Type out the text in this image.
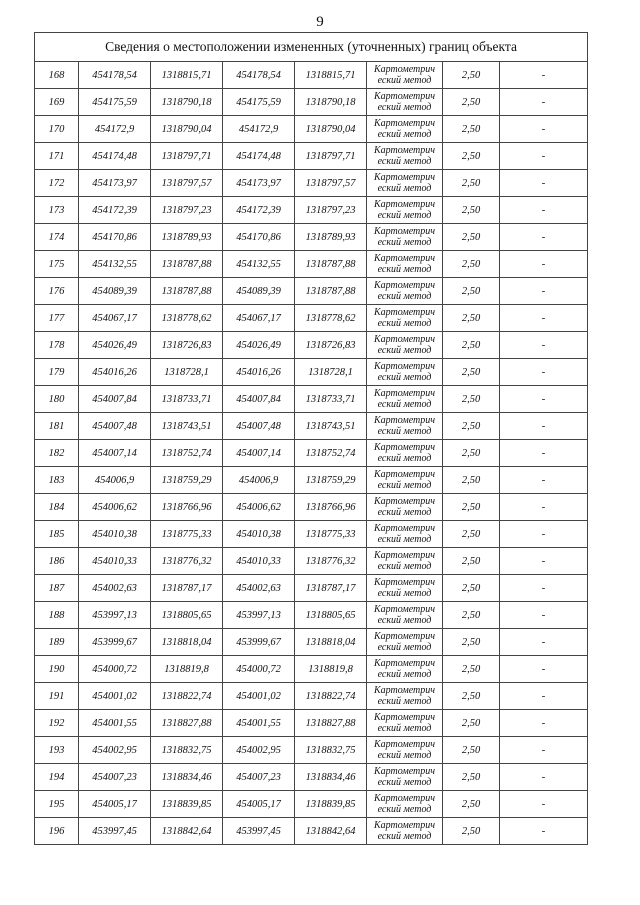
9
Сведения о местоположении измененных (уточненных) границ объекта							
168	454178,54	1318815,71	454178,54	1318815,71	Картометрич
еский метод	2,50	-
169	454175,59	1318790,18	454175,59	1318790,18	Картометрич
еский метод	2,50	-
170	454172,9	1318790,04	454172,9	1318790,04	Картометрич
еский метод	2,50	-
171	454174,48	1318797,71	454174,48	1318797,71	Картометрич
еский метод	2,50	-
172	454173,97	1318797,57	454173,97	1318797,57	Картометрич
еский метод	2,50	-
173	454172,39	1318797,23	454172,39	1318797,23	Картометрич
еский метод	2,50	-
174	454170,86	1318789,93	454170,86	1318789,93	Картометрич
еский метод	2,50	-
175	454132,55	1318787,88	454132,55	1318787,88	Картометрич
еский метод	2,50	-
176	454089,39	1318787,88	454089,39	1318787,88	Картометрич
еский метод	2,50	-
177	454067,17	1318778,62	454067,17	1318778,62	Картометрич
еский метод	2,50	-
178	454026,49	1318726,83	454026,49	1318726,83	Картометрич
еский метод	2,50	-
179	454016,26	1318728,1	454016,26	1318728,1	Картометрич
еский метод	2,50	-
180	454007,84	1318733,71	454007,84	1318733,71	Картометрич
еский метод	2,50	-
181	454007,48	1318743,51	454007,48	1318743,51	Картометрич
еский метод	2,50	-
182	454007,14	1318752,74	454007,14	1318752,74	Картометрич
еский метод	2,50	-
183	454006,9	1318759,29	454006,9	1318759,29	Картометрич
еский метод	2,50	-
184	454006,62	1318766,96	454006,62	1318766,96	Картометрич
еский метод	2,50	-
185	454010,38	1318775,33	454010,38	1318775,33	Картометрич
еский метод	2,50	-
186	454010,33	1318776,32	454010,33	1318776,32	Картометрич
еский метод	2,50	-
187	454002,63	1318787,17	454002,63	1318787,17	Картометрич
еский метод	2,50	-
188	453997,13	1318805,65	453997,13	1318805,65	Картометрич
еский метод	2,50	-
189	453999,67	1318818,04	453999,67	1318818,04	Картометрич
еский метод	2,50	-
190	454000,72	1318819,8	454000,72	1318819,8	Картометрич
еский метод	2,50	-
191	454001,02	1318822,74	454001,02	1318822,74	Картометрич
еский метод	2,50	-
192	454001,55	1318827,88	454001,55	1318827,88	Картометрич
еский метод	2,50	-
193	454002,95	1318832,75	454002,95	1318832,75	Картометрич
еский метод	2,50	-
194	454007,23	1318834,46	454007,23	1318834,46	Картометрич
еский метод	2,50	-
195	454005,17	1318839,85	454005,17	1318839,85	Картометрич
еский метод	2,50	-
196	453997,45	1318842,64	453997,45	1318842,64	Картометрич
еский метод	2,50	-
